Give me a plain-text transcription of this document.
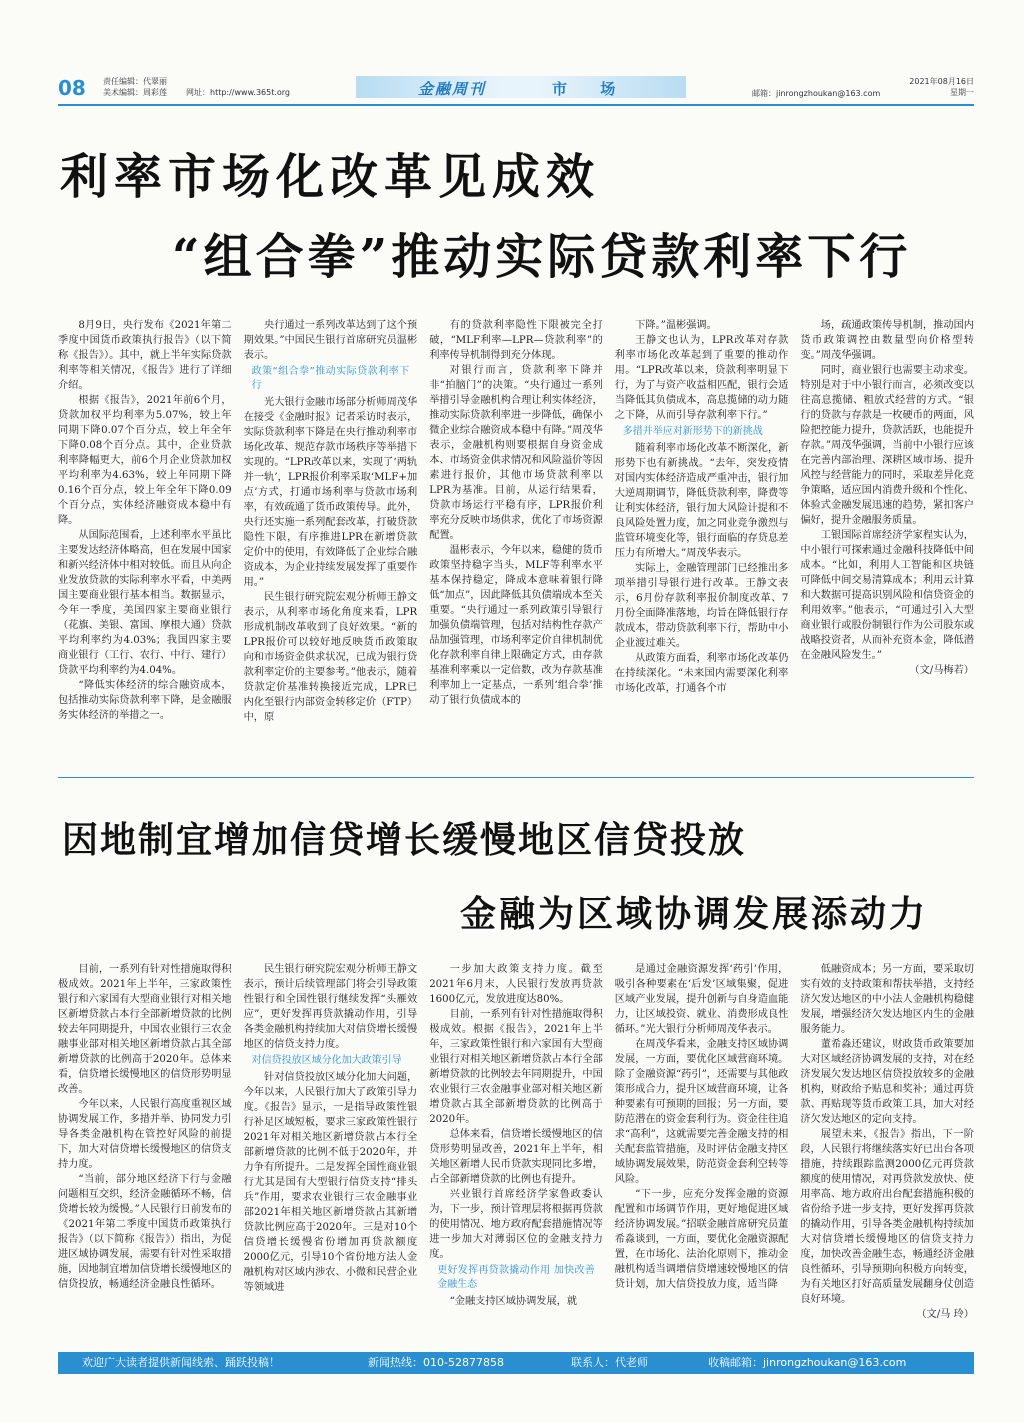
08 责任编辑：代翠丽
美术编辑：周彩莲 网址：http://www.365t.org	金融周刊	市 场	邮箱：jinrongzhoukan@163.com
2021年08月16日
星期一
利率市场化改革见成效
“组合拳”推动实际贷款利率下行

8月9日，央行发布《2021年第二季度中国货币政策执行报告》（以下简称《报告》）。其中，就上半年实际贷款利率等相关情况，《报告》进行了详细介绍。

根据《报告》，2021年前6个月，贷款加权平均利率为5.07%，较上年同期下降0.07个百分点，较上年全年下降0.08个百分点。其中，企业贷款利率降幅更大，前6个月企业贷款加权平均利率为4.63%，较上年同期下降0.16个百分点，较上年全年下降0.09个百分点，实体经济融资成本稳中有降。

从国际范围看，上述利率水平虽比主要发达经济体略高，但在发展中国家和新兴经济体中相对较低。而且从向企业发放贷款的实际利率水平看，中美两国主要商业银行基本相当。数据显示，今年一季度，美国四家主要商业银行（花旗、美银、富国、摩根大通）贷款平均利率约为4.03%；我国四家主要商业银行（工行、农行、中行、建行）贷款平均利率约为4.04%。

“降低实体经济的综合融资成本，包括推动实际贷款利率下降，是金融服务实体经济的举措之一。

央行通过一系列改革达到了这个预期效果。”中国民生银行首席研究员温彬表示。

政策“组合拳”推动实际贷款利率下行

光大银行金融市场部分析师周茂华在接受《金融时报》记者采访时表示，实际贷款利率下降是在央行推动利率市场化改革、规范存款市场秩序等举措下实现的。“LPR改革以来，实现了‘两轨并一轨’，LPR报价利率采取‘MLF+加点’方式，打通市场利率与贷款市场利率，有效疏通了货币政策传导。此外，央行还实施一系列配套改革，打破贷款隐性下限，有序推进LPR在新增贷款定价中的使用，有效降低了企业综合融资成本，为企业持续发展发挥了重要作用。”

民生银行研究院宏观分析师王静文表示，从利率市场化角度来看，LPR形成机制改革收到了良好效果。“新的LPR报价可以较好地反映货币政策取向和市场资金供求状况，已成为银行贷款利率定价的主要参考。”他表示，随着贷款定价基准转换接近完成，LPR已内化至银行内部资金转移定价（FTP）中，原

有的贷款利率隐性下限被完全打破，“MLF利率—LPR—贷款利率”的利率传导机制得到充分体现。

对银行而言，贷款利率下降并非“拍脑门”的决策。“央行通过一系列举措引导金融机构合理让利实体经济，推动实际贷款利率进一步降低，确保小微企业综合融资成本稳中有降。”周茂华表示，金融机构则要根据自身资金成本、市场资金供求情况和风险溢价等因素进行报价，其他市场贷款利率以LPR为基准。目前，从运行结果看，贷款市场运行平稳有序，LPR报价利率充分反映市场供求，优化了市场资源配置。

温彬表示，今年以来，稳健的货币政策坚持稳字当头，MLF等利率水平基本保持稳定，降成本意味着银行降低“加点”，因此降低其负债端成本至关重要。“央行通过一系列政策引导银行加强负债端管理，包括对结构性存款产品加强管理，市场利率定价自律机制优化存款利率自律上限确定方式，由存款基准利率乘以一定倍数，改为存款基准利率加上一定基点，一系列‘组合拳’推动了银行负债成本的

下降。”温彬强调。

王静文也认为，LPR改革对存款利率市场化改革起到了重要的推动作用。“LPR改革以来，贷款利率明显下行，为了与资产收益相匹配，银行会适当降低其负债成本，高息揽储的动力随之下降，从而引导存款利率下行。”

多措并举应对新形势下的新挑战

随着利率市场化改革不断深化，新形势下也有新挑战。“去年，突发疫情对国内实体经济造成严重冲击，银行加大逆周期调节，降低贷款利率，降费等让利实体经济，银行加大风险计提和不良风险处置力度，加之同业竞争激烈与监管环境变化等，银行面临的存贷息差压力有所增大。”周茂华表示。

实际上，金融管理部门已经推出多项举措引导银行进行改革。王静文表示，6月份存款利率报价制度改革、7月份全面降准落地，均旨在降低银行存款成本，带动贷款利率下行，帮助中小企业渡过难关。

从政策方面看，利率市场化改革仍在持续深化。“未来国内需要深化利率市场化改革，打通各个市

场，疏通政策传导机制，推动国内货币政策调控由数量型向价格型转变。”周茂华强调。

同时，商业银行也需要主动求变。特别是对于中小银行而言，必须改变以往高息揽储、粗放式经营的方式。“银行的贷款与存款是一枚硬币的两面，风险把控能力提升，贷款活跃，也能提升存款。”周茂华强调，当前中小银行应该在完善内部治理、深耕区域市场、提升风控与经营能力的同时，采取差异化竞争策略，适应国内消费升级和个性化、体验式金融发展迅速的趋势，紧扣客户偏好，提升金融服务质量。

工银国际首席经济学家程实认为，中小银行可探索通过金融科技降低中间成本。“比如，利用人工智能和区块链可降低中间交易清算成本；利用云计算和大数据可提高识别风险和信贷资金的利用效率。”他表示，“可通过引入大型商业银行或股份制银行作为公司股东或战略投资者，从而补充资本金，降低潜在金融风险发生。”

（文/马梅若）

因地制宜增加信贷增长缓慢地区信贷投放
金融为区域协调发展添动力

目前，一系列有针对性措施取得积极成效。2021年上半年，三家政策性银行和六家国有大型商业银行对相关地区新增贷款占本行全部新增贷款的比例较去年同期提升，中国农业银行三农金融事业部对相关地区新增贷款占其全部新增贷款的比例高于2020年。总体来看，信贷增长缓慢地区的信贷形势明显改善。

今年以来，人民银行高度重视区域协调发展工作，多措并举、协同发力引导各类金融机构在管控好风险的前提下，加大对信贷增长缓慢地区的信贷支持力度。

“当前，部分地区经济下行与金融问题相互交织，经济金融循环不畅，信贷增长较为缓慢。”人民银行日前发布的《2021年第二季度中国货币政策执行报告》（以下简称《报告》）指出，为促进区域协调发展，需要有针对性采取措施，因地制宜增加信贷增长缓慢地区的信贷投放，畅通经济金融良性循环。

民生银行研究院宏观分析师王静文表示，预计后续管理部门将会引导政策性银行和全国性银行继续发挥“头雁效应”，更好发挥再贷款撬动作用，引导各类金融机构持续加大对信贷增长缓慢地区的信贷支持力度。

对信贷投放区域分化加大政策引导

针对信贷投放区域分化加大问题，今年以来，人民银行加大了政策引导力度。《报告》显示，一是指导政策性银行补足区域短板，要求三家政策性银行2021年对相关地区新增贷款占本行全部新增贷款的比例不低于2020年，并力争有所提升。二是发挥全国性商业银行尤其是国有大型银行信贷支持“排头兵”作用，要求农业银行三农金融事业部2021年相关地区新增贷款占其新增贷款比例应高于2020年。三是对10个信贷增长缓慢省份增加再贷款额度2000亿元，引导10个省份地方法人金融机构对区域内涉农、小微和民营企业等领域进

一步加大政策支持力度。截至2021年6月末，人民银行发放再贷款1600亿元，发放进度达80%。

目前，一系列有针对性措施取得积极成效。根据《报告》，2021年上半年，三家政策性银行和六家国有大型商业银行对相关地区新增贷款占本行全部新增贷款的比例较去年同期提升，中国农业银行三农金融事业部对相关地区新增贷款占其全部新增贷款的比例高于2020年。

总体来看，信贷增长缓慢地区的信贷形势明显改善，2021年上半年，相关地区新增人民币贷款实现同比多增，占全部新增贷款的比例也有提升。

兴业银行首席经济学家鲁政委认为，下一步，预计管理层将根据再贷款的使用情况、地方政府配套措施情况等进一步加大对薄弱区位的金融支持力度。

更好发挥再贷款撬动作用 加快改善金融生态

“金融支持区域协调发展，就

是通过金融资源发挥‘药引’作用，吸引各种要素在‘后发’区域集聚，促进区域产业发展，提升创新与自身造血能力，让区域投资、就业、消费形成良性循环。”光大银行分析师周茂华表示。

在周茂华看来，金融支持区域协调发展，一方面，要优化区域营商环境。除了金融资源“药引”，还需要与其他政策形成合力，提升区域营商环境，让各种要素有可预期的回报；另一方面，要防范潜在的资金套利行为。资金往往追求“高利”，这就需要完善金融支持的相关配套监管措施，及时评估金融支持区域协调发展效果，防范资金套利空转等风险。

“下一步，应充分发挥金融的资源配置和市场调节作用，更好地促进区域经济协调发展。”招联金融首席研究员董希淼谈到，一方面，要优化金融资源配置，在市场化、法治化原则下，推动金融机构适当调增信贷增速较慢地区的信贷计划，加大信贷投放力度，适当降

低融资成本；另一方面，要采取切实有效的支持政策和帮扶举措，支持经济欠发达地区的中小法人金融机构稳健发展，增强经济欠发达地区内生的金融服务能力。

董希淼还建议，财政货币政策要加大对区域经济协调发展的支持，对在经济发展欠发达地区信贷投放较多的金融机构，财政给予贴息和奖补；通过再贷款、再贴现等货币政策工具，加大对经济欠发达地区的定向支持。

展望未来，《报告》指出，下一阶段，人民银行将继续落实好已出台各项措施，持续跟踪监测2000亿元再贷款额度的使用情况，对再贷款发放快、使用率高、地方政府出台配套措施积极的省份给予进一步支持，更好发挥再贷款的撬动作用，引导各类金融机构持续加大对信贷增长缓慢地区的信贷支持力度，加快改善金融生态，畅通经济金融良性循环，引导预期向积极方向转变，为有关地区打好高质量发展翻身仗创造良好环境。

（文/马 玲）

欢迎广大读者提供新闻线索、踊跃投稿！	新闻热线：010-52877858	联系人：代老师	收稿邮箱：jinrongzhoukan@163.com
